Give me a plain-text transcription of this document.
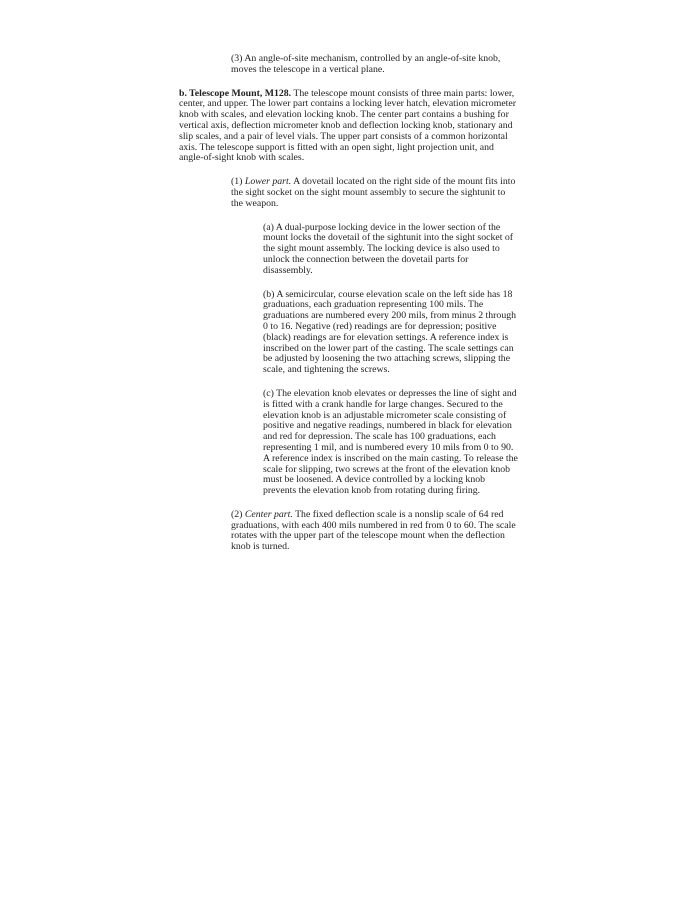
(3) An angle-of-site mechanism, controlled by an angle-of-site knob, moves the telescope in a vertical plane.

b. Telescope Mount, M128. The telescope mount consists of three main parts: lower, center, and upper. The lower part contains a locking lever hatch, elevation micrometer knob with scales, and elevation locking knob. The center part contains a bushing for vertical axis, deflection micrometer knob and deflection locking knob, stationary and slip scales, and a pair of level vials. The upper part consists of a common horizontal axis. The telescope support is fitted with an open sight, light projection unit, and angle-of-sight knob with scales.

(1) Lower part. A dovetail located on the right side of the mount fits into the sight socket on the sight mount assembly to secure the sightunit to the weapon.

(a) A dual-purpose locking device in the lower section of the mount locks the dovetail of the sightunit into the sight socket of the sight mount assembly. The locking device is also used to unlock the connection between the dovetail parts for disassembly.

(b) A semicircular, course elevation scale on the left side has 18 graduations, each graduation representing 100 mils. The graduations are numbered every 200 mils, from minus 2 through 0 to 16. Negative (red) readings are for depression; positive (black) readings are for elevation settings. A reference index is inscribed on the lower part of the casting. The scale settings can be adjusted by loosening the two attaching screws, slipping the scale, and tightening the screws.

(c) The elevation knob elevates or depresses the line of sight and is fitted with a crank handle for large changes. Secured to the elevation knob is an adjustable micrometer scale consisting of positive and negative readings, numbered in black for elevation and red for depression. The scale has 100 graduations, each representing 1 mil, and is numbered every 10 mils from 0 to 90. A reference index is inscribed on the main casting. To release the scale for slipping, two screws at the front of the elevation knob must be loosened. A device controlled by a locking knob prevents the elevation knob from rotating during firing.

(2) Center part. The fixed deflection scale is a nonslip scale of 64 red graduations, with each 400 mils numbered in red from 0 to 60. The scale rotates with the upper part of the telescope mount when the deflection knob is turned.
